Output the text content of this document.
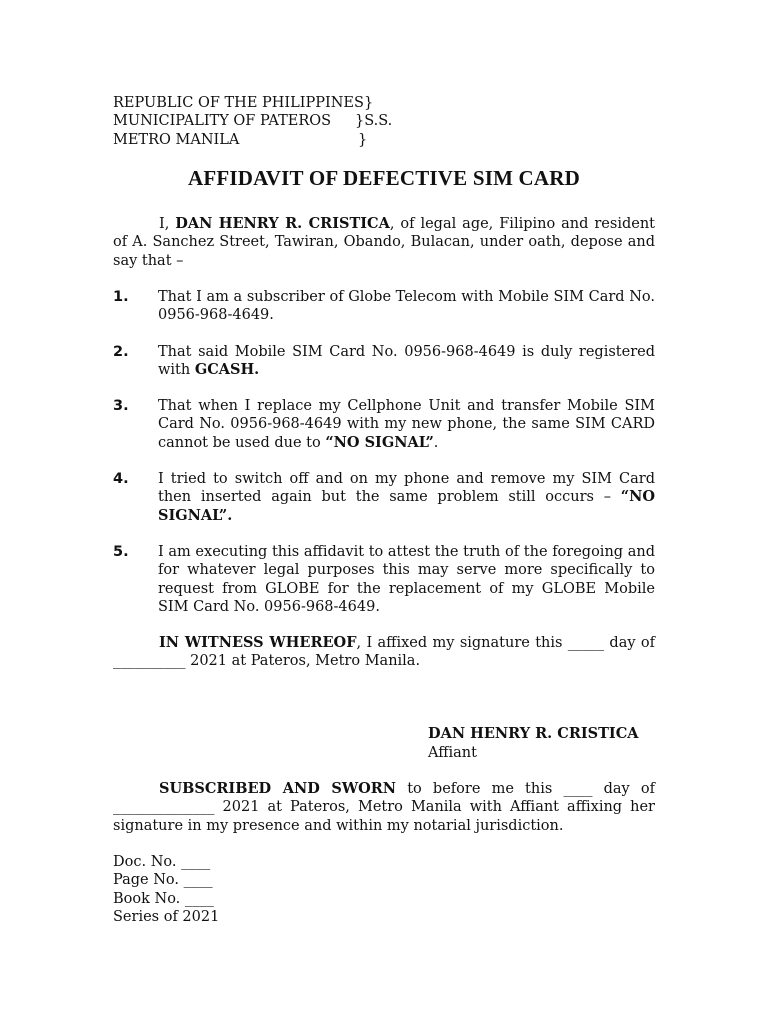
REPUBLIC OF THE PHILIPPINES}

MUNICIPALITY OF PATEROS }S.S.

METRO MANILA	}

AFFIDAVIT OF DEFECTIVE SIM CARD

I, DAN HENRY R. CRISTICA, of legal age, Filipino and resident of A. Sanchez Street, Tawiran, Obando, Bulacan, under oath, depose and say that –

1. That I am a subscriber of Globe Telecom with Mobile SIM Card No. 0956-968-4649.

2. That said Mobile SIM Card No. 0956-968-4649 is duly registered with GCASH.

3. That when I replace my Cellphone Unit and transfer Mobile SIM Card No. 0956-968-4649 with my new phone, the same SIM CARD cannot be used due to “NO SIGNAL”.

4. I tried to switch off and on my phone and remove my SIM Card then inserted again but the same problem still occurs – “NO SIGNAL”.

5. I am executing this affidavit to attest the truth of the foregoing and for whatever legal purposes this may serve more specifically to request from GLOBE for the replacement of my GLOBE Mobile SIM Card No. 0956-968-4649.

IN WITNESS WHEREOF, I affixed my signature this _____ day of __________ 2021 at Pateros, Metro Manila.

DAN HENRY R. CRISTICA

Affiant

SUBSCRIBED AND SWORN to before me this ____ day of ______________ 2021 at Pateros, Metro Manila with Affiant affixing her signature in my presence and within my notarial jurisdiction.

Doc. No. ____

Page No. ____

Book No. ____

Series of 2021
